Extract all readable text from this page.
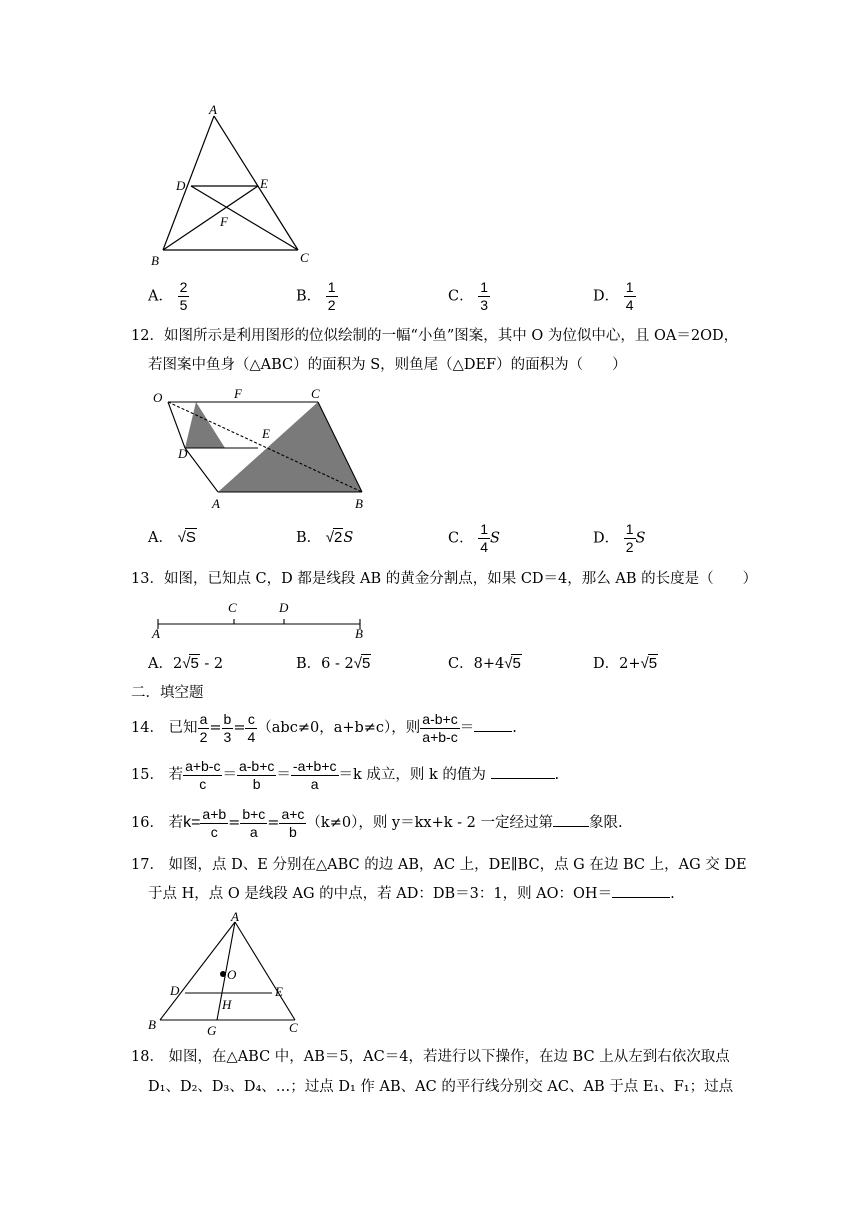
A
B	C
D	E
F
A． $\frac{2}{5}$	B． $\frac{1}{2}$	C． $\frac{1}{3}$	D． $\frac{1}{4}$
12．如图所示是利用图形的位似绘制的一幅“小鱼”图案，其中 O 为位似中心，且 OA＝2OD，
若图案中鱼身（△ABC）的面积为 S，则鱼尾（△DEF）的面积为（　　）
O	F	C
E
D
A	B
A． √S	B． √2S	C． $\frac{1}{4}$ S	D． $\frac{1}{2}$ S
13．如图，已知点 C，D 都是线段 AB 的黄金分割点，如果 CD＝4，那么 AB 的长度是（　　）
A	B
C	D
A．2√5 - 2	B．6 - 2√5	C．8+4√5	D．2+√5
二．填空题
14． 已知 $\frac{a}{2} = \frac{b}{3} = \frac{c}{4} (abc\ne 0$，a+b≠c），则 $\frac{a-b+c}{a+b-c}$ ＝	.
15． 若 $\frac{a+b-c}{c} = \frac{a-b+c}{b} = \frac{-a+b+c}{a} =k$ 成立，则 k 的值为	.
16． 若$k= \frac{a+b}{c} = \frac{b+c}{a} = \frac{a+c}{b} (k\ne 0)$，则 y＝kx+k - 2 一定经过第 象限.
17． 如图，点 D、E 分别在△ABC 的边 AB，AC 上，DE∥BC，点 G 在边 BC 上，AG 交 DE
于点 H，点 O 是线段 AG 的中点，若 AD：DB＝3：1，则 AO：OH＝	.
A
O
D	E
H
B	G	C
18． 如图，在△ABC 中，AB＝5，AC＝4，若进行以下操作，在边 BC 上从左到右依次取点
D₁、D₂、D₃、D₄、…；过点 D₁ 作 AB、AC 的平行线分别交 AC、AB 于点 E₁、F₁；过点
